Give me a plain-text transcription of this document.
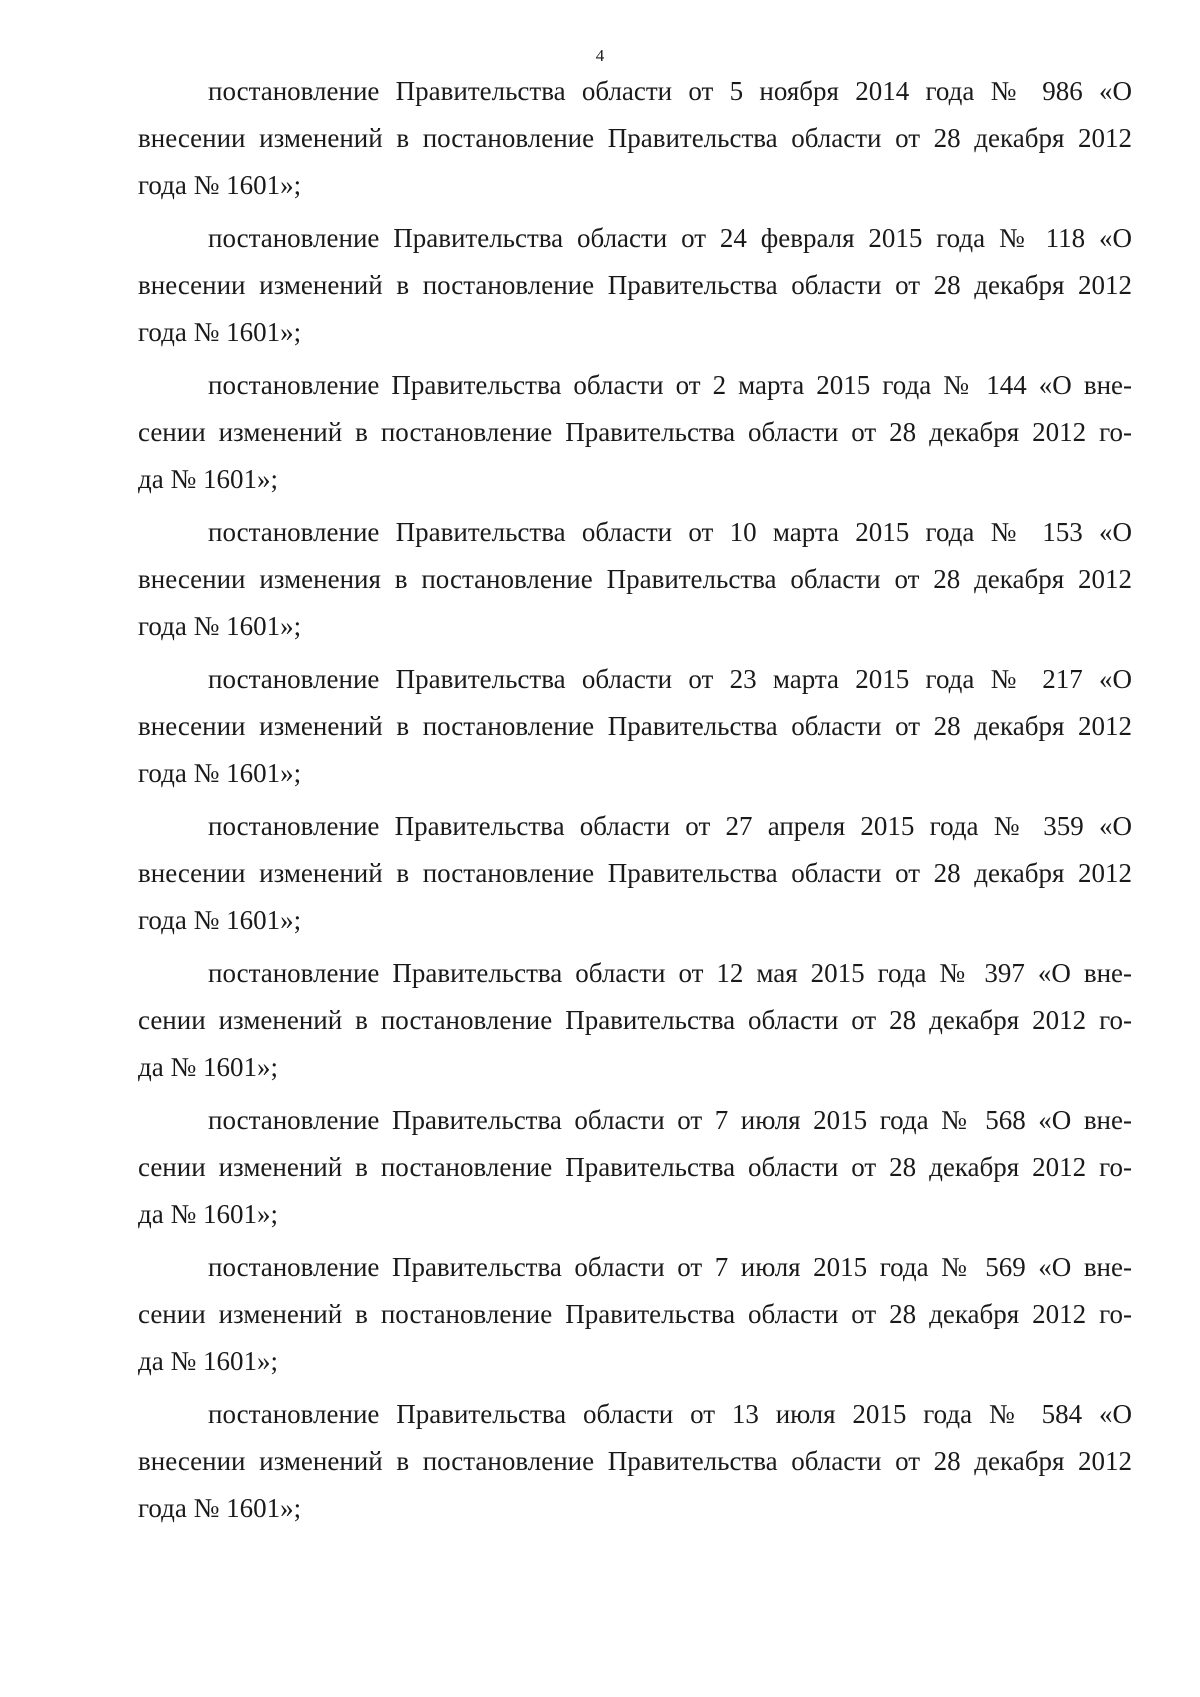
4
постановление Правительства области от 5 ноября 2014 года № 986 «О
внесении изменений в постановление Правительства области от 28 декабря 2012
года № 1601»;
постановление Правительства области от 24 февраля 2015 года № 118 «О
внесении изменений в постановление Правительства области от 28 декабря 2012
года № 1601»;
постановление Правительства области от 2 марта 2015 года № 144 «О вне-
сении изменений в постановление Правительства области от 28 декабря 2012 го-
да № 1601»;
постановление Правительства области от 10 марта 2015 года № 153 «О
внесении изменения в постановление Правительства области от 28 декабря 2012
года № 1601»;
постановление Правительства области от 23 марта 2015 года № 217 «О
внесении изменений в постановление Правительства области от 28 декабря 2012
года № 1601»;
постановление Правительства области от 27 апреля 2015 года № 359 «О
внесении изменений в постановление Правительства области от 28 декабря 2012
года № 1601»;
постановление Правительства области от 12 мая 2015 года № 397 «О вне-
сении изменений в постановление Правительства области от 28 декабря 2012 го-
да № 1601»;
постановление Правительства области от 7 июля 2015 года № 568 «О вне-
сении изменений в постановление Правительства области от 28 декабря 2012 го-
да № 1601»;
постановление Правительства области от 7 июля 2015 года № 569 «О вне-
сении изменений в постановление Правительства области от 28 декабря 2012 го-
да № 1601»;
постановление Правительства области от 13 июля 2015 года № 584 «О
внесении изменений в постановление Правительства области от 28 декабря 2012
года № 1601»;
